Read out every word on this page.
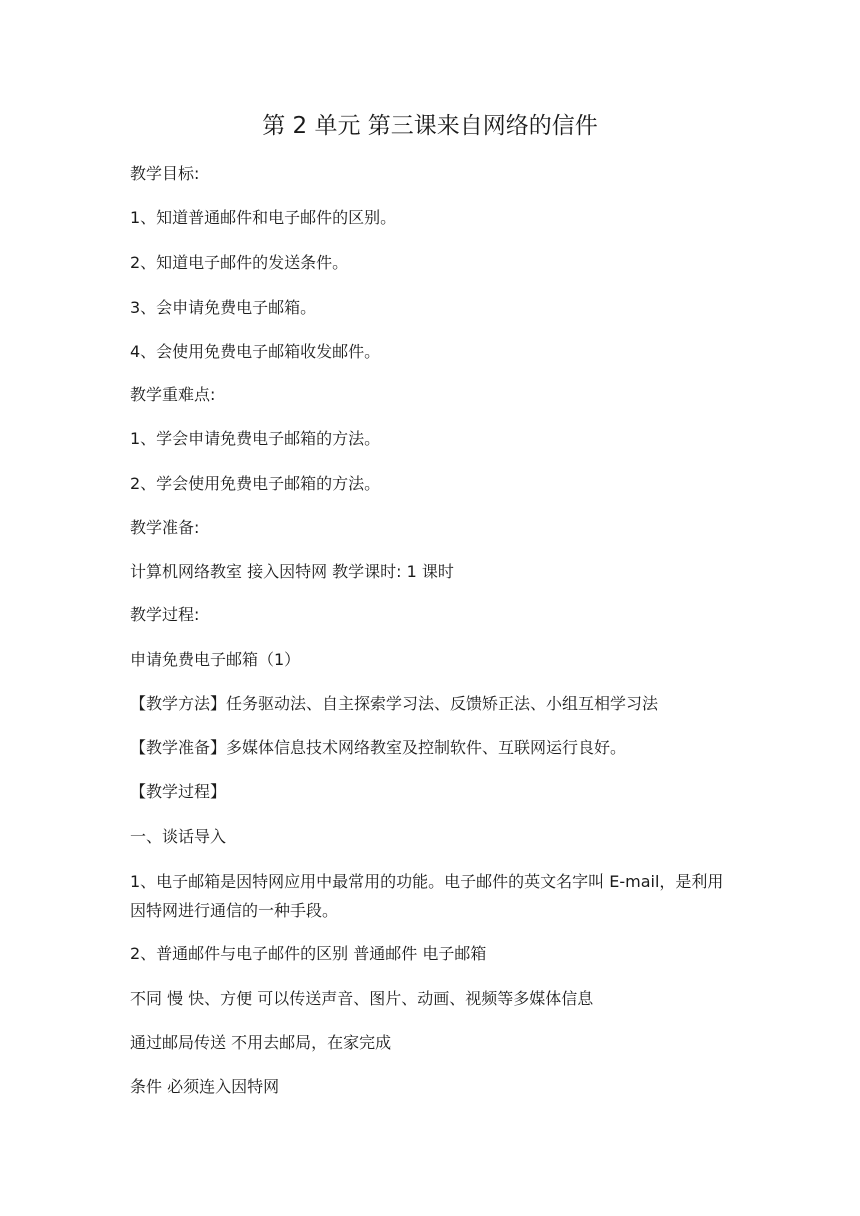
第 2 单元 第三课来自网络的信件
教学目标:
1、知道普通邮件和电子邮件的区别。
2、知道电子邮件的发送条件。
3、会申请免费电子邮箱。
4、会使用免费电子邮箱收发邮件。
教学重难点:
1、学会申请免费电子邮箱的方法。
2、学会使用免费电子邮箱的方法。
教学准备:
计算机网络教室 接入因特网 教学课时: 1 课时
教学过程:
申请免费电子邮箱（1）
【教学方法】任务驱动法、自主探索学习法、反馈矫正法、小组互相学习法
【教学准备】多媒体信息技术网络教室及控制软件、互联网运行良好。
【教学过程】
一、谈话导入
1、电子邮箱是因特网应用中最常用的功能。电子邮件的英文名字叫 E-mail，是利用因特网进行通信的一种手段。
2、普通邮件与电子邮件的区别 普通邮件 电子邮箱
不同 慢 快、方便 可以传送声音、图片、动画、视频等多媒体信息
通过邮局传送 不用去邮局，在家完成
条件 必须连入因特网
